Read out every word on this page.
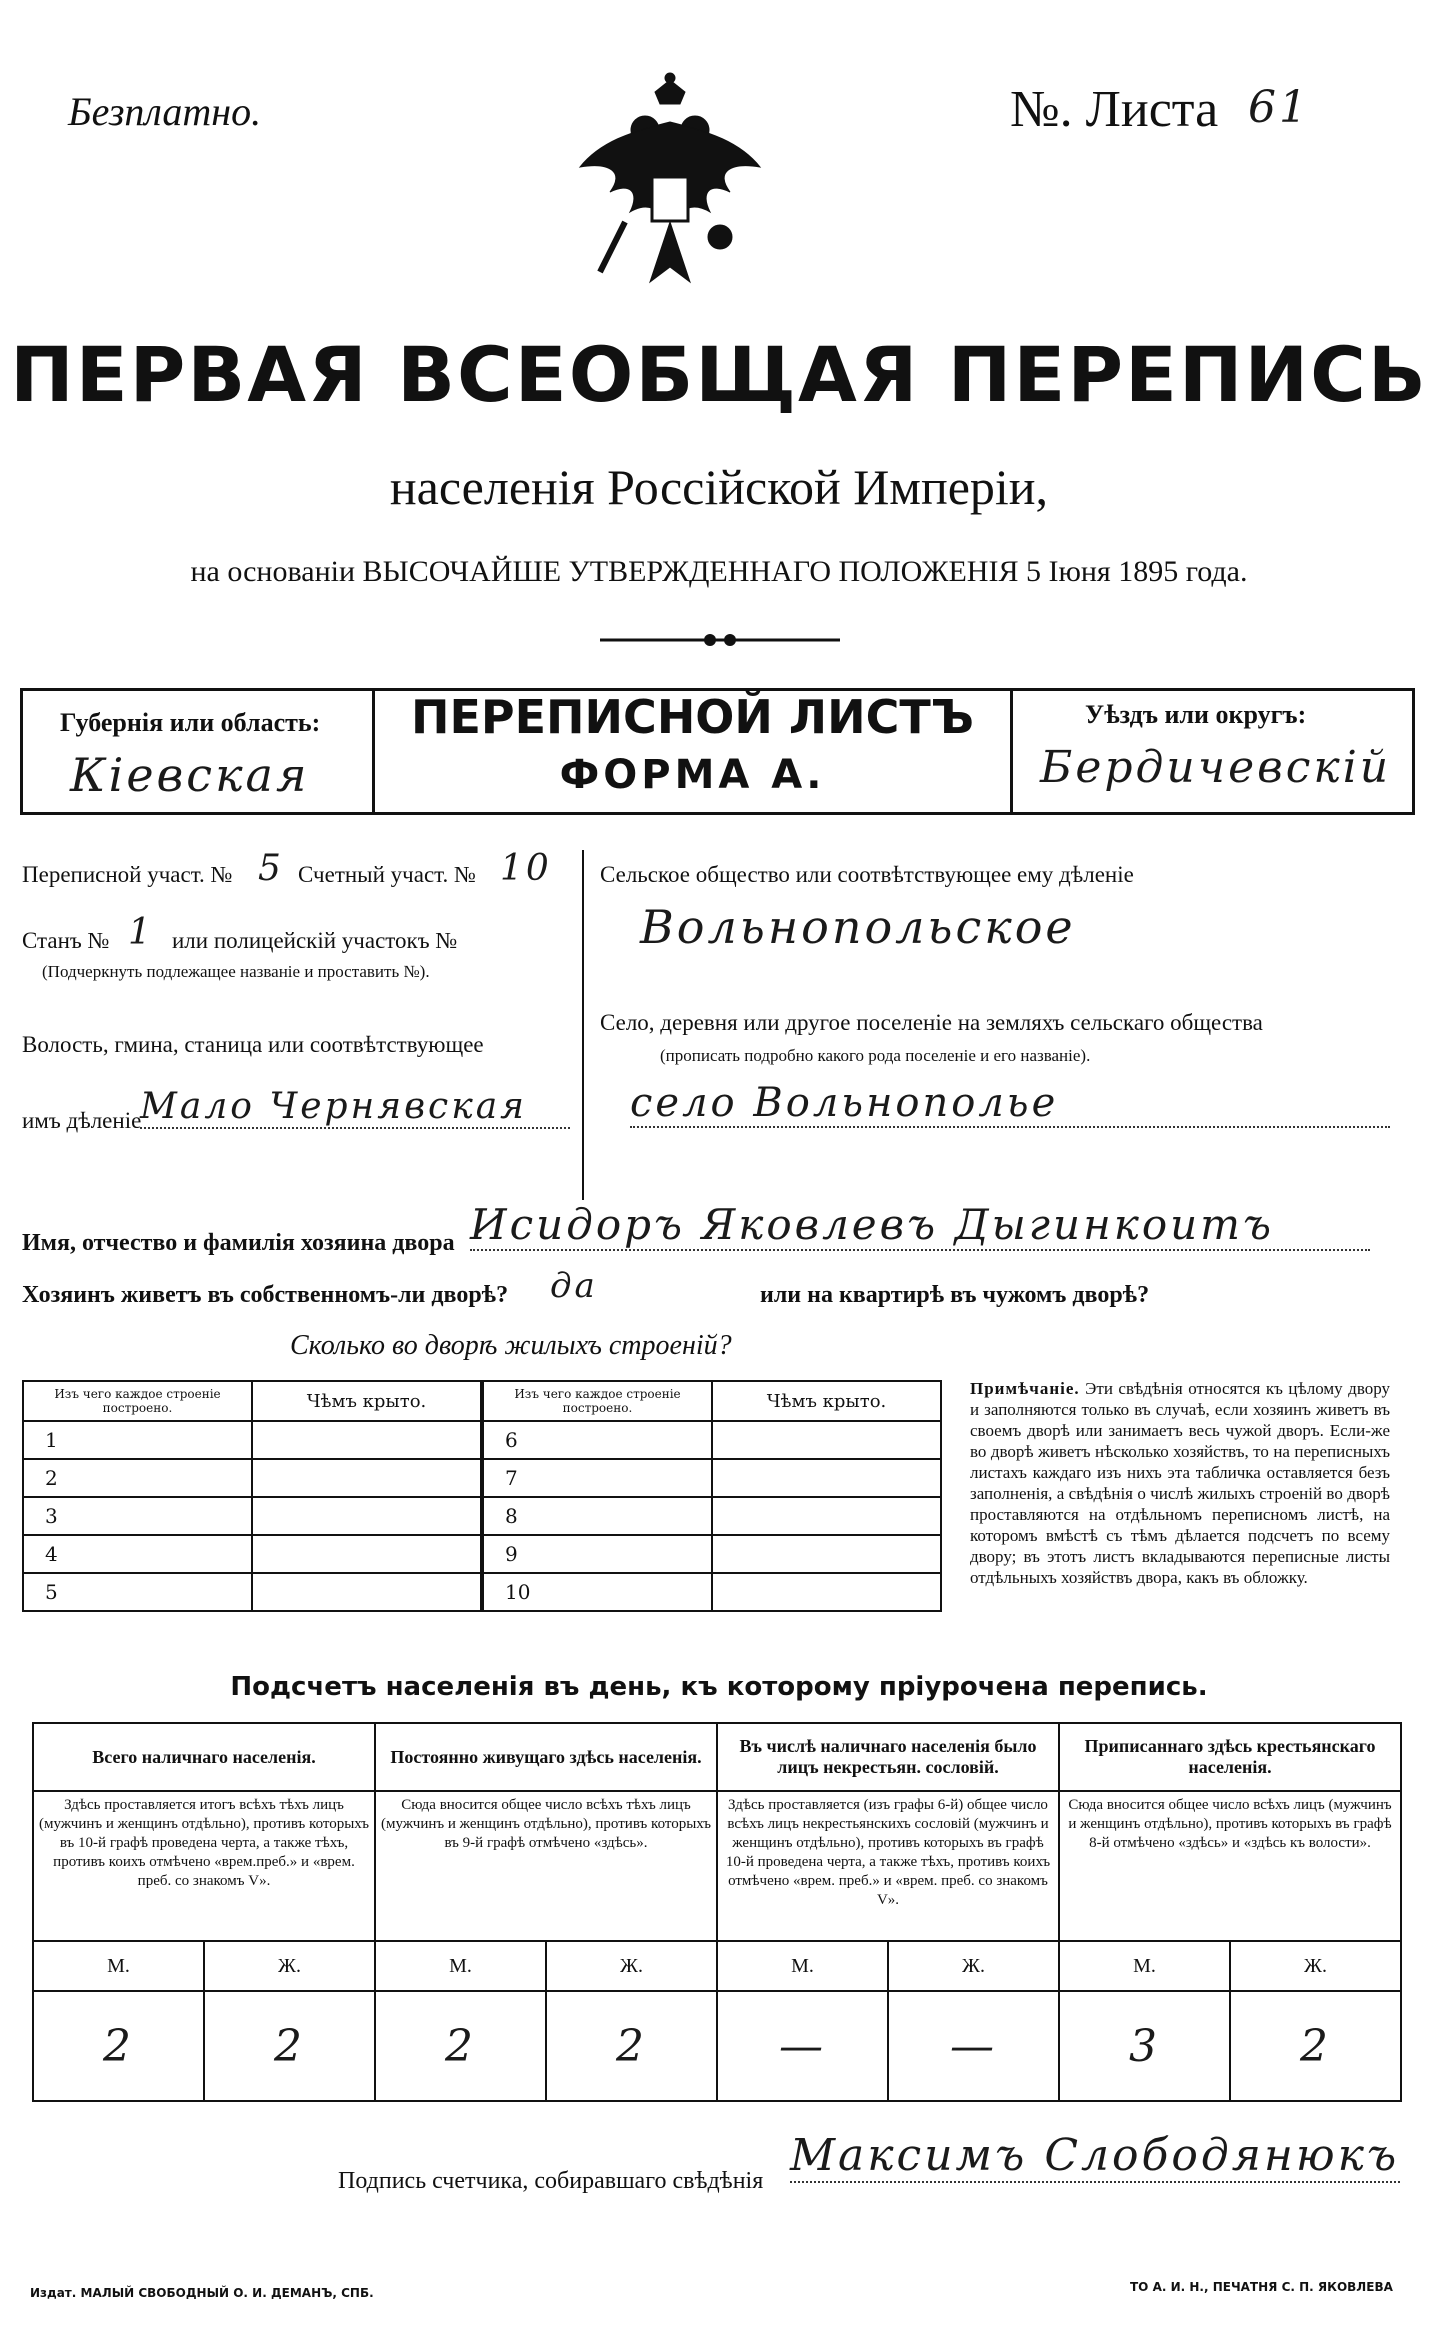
Безплатно.	№. Листа 61
ПЕРВАЯ ВСЕОБЩАЯ ПЕРЕПИСЬ
населенія Россійской Имперіи,
на основаніи ВЫСОЧАЙШЕ УТВЕРЖДЕННАГО ПОЛОЖЕНІЯ 5 Іюня 1895 года.
Губернія или область:
Кіевская
ПЕРЕПИСНОЙ ЛИСТЪ
ФОРМА А.
Уѣздъ или округъ:
Бердичевскій
Переписной участ. № 5 Счетный участ. № 10
Станъ № 1 или полицейскій участокъ №
(Подчеркнуть подлежащее названіе и проставить №).
Волость, гмина, станица или соотвѣтствующее
имъ дѣленіе
Мало Чернявская
Сельское общество или соотвѣтствующее ему дѣленіе
Вольнопольское
Село, деревня или другое поселеніе на земляхъ сельскаго общества
(прописать подробно какого рода поселеніе и его названіе).
село Вольнополье
Имя, отчество и фамилія хозяина двора Исидоръ Яковлевъ Дыгинкоитъ
Хозяинъ живетъ въ собственномъ-ли дворѣ? да	или на квартирѣ въ чужомъ дворѣ?
Сколько во дворѣ жилыхъ строеній?
Изъ чего каждое строеніе построено.	Чѣмъ крыто.
1	
2	
3	
4	
5	
Изъ чего каждое строеніе построено.	Чѣмъ крыто.
6	
7	
8	
9	
10	
Примѣчаніе. Эти свѣдѣнія относятся къ цѣлому двору и заполняются только въ случаѣ, если хозяинъ живетъ въ своемъ дворѣ или занимаетъ весь чужой дворъ. Если-же во дворѣ живетъ нѣсколько хозяйствъ, то на переписныхъ листахъ каждаго изъ нихъ эта табличка оставляется безъ заполненія, а свѣдѣнія о числѣ жилыхъ строеній во дворѣ проставляются на отдѣльномъ переписномъ листѣ, на которомъ вмѣстѣ съ тѣмъ дѣлается подсчетъ по всему двору; въ этотъ листъ вкладываются переписные листы отдѣльныхъ хозяйствъ двора, какъ въ обложку.
Подсчетъ населенія въ день, къ которому пріурочена перепись.
Всего наличнаго населенія.		Постоянно живущаго здѣсь населенія.		Въ числѣ наличнаго населенія было лицъ некрестьян. сословій.		Приписаннаго здѣсь крестьянскаго населенія.	
Здѣсь проставляется итогъ всѣхъ тѣхъ лицъ (мужчинъ и женщинъ отдѣльно), противъ которыхъ въ 10-й графѣ проведена черта, а также тѣхъ, противъ коихъ отмѣчено «врем.преб.» и «врем. преб. со знакомъ V».		Сюда вносится общее число всѣхъ тѣхъ лицъ (мужчинъ и женщинъ отдѣльно), противъ которыхъ въ 9-й графѣ отмѣчено «здѣсь».		Здѣсь проставляется (изъ графы 6-й) общее число всѣхъ лицъ некрестьянскихъ сословій (мужчинъ и женщинъ отдѣльно), противъ которыхъ въ графѣ 10-й проведена черта, а также тѣхъ, противъ коихъ отмѣчено «врем. преб.» и «врем. преб. со знакомъ V».		Сюда вносится общее число всѣхъ лицъ (мужчинъ и женщинъ отдѣльно), противъ которыхъ въ графѣ 8-й отмѣчено «здѣсь» и «здѣсь къ волости».	
М.	Ж.	М.	Ж.	М.	Ж.	М.	Ж.
2	2	2	2	—	—	3	2
Подпись счетчика, собиравшаго свѣдѣнія Максимъ Слободянюкъ
Издат. МАЛЫЙ СВОБОДНЫЙ О. И. ДЕМАНЪ, СПБ.	ТО А. И. Н., ПЕЧАТНЯ С. П. ЯКОВЛЕВА
